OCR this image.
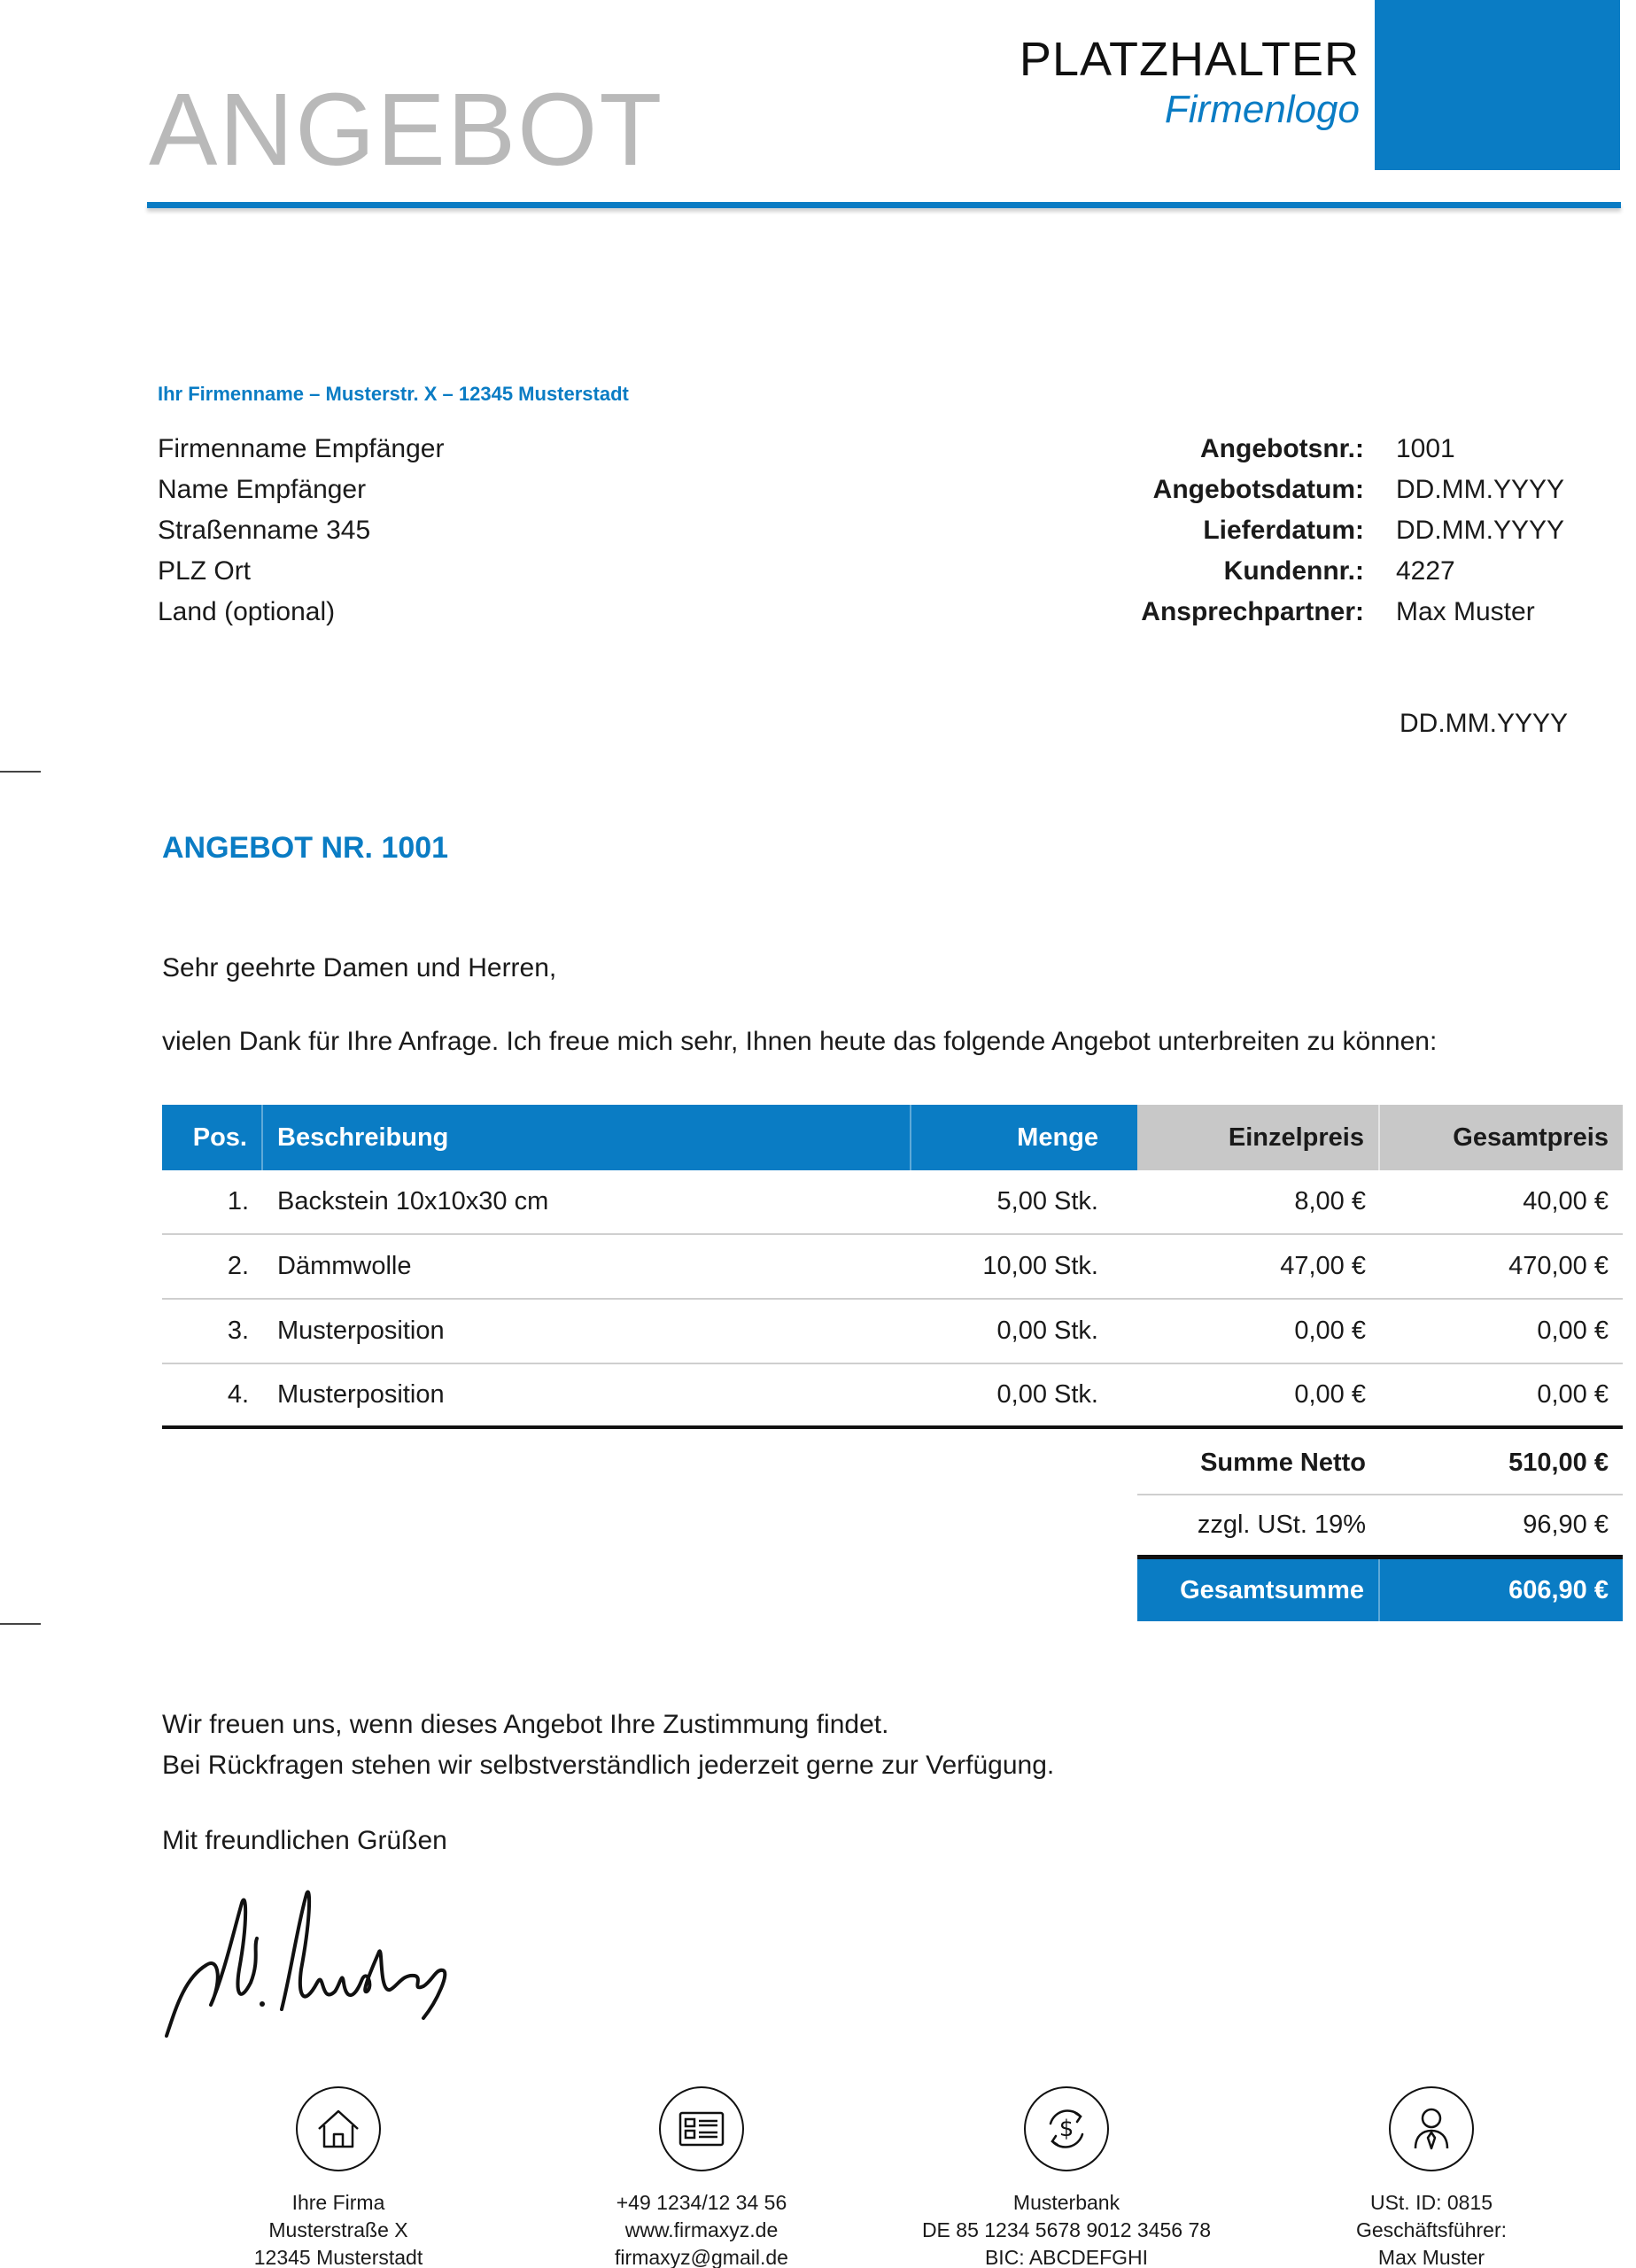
ANGEBOT
PLATZHALTER
Firmenlogo
Ihr Firmenname – Musterstr. X – 12345 Musterstadt
Firmenname Empfänger
Name Empfänger
Straßenname 345
PLZ Ort
Land (optional)
Angebotsnr.:	1001
Angebotsdatum:	DD.MM.YYYY
Lieferdatum:	DD.MM.YYYY
Kundennr.:	4227
Ansprechpartner:	Max Muster
DD.MM.YYYY
ANGEBOT NR. 1001
Sehr geehrte Damen und Herren,
vielen Dank für Ihre Anfrage. Ich freue mich sehr, Ihnen heute das folgende Angebot unterbreiten zu können:
Pos.	Beschreibung	Menge	Einzelpreis	Gesamtpreis
1.	Backstein 10x10x30 cm	5,00 Stk.	8,00 €	40,00 €
2.	Dämmwolle	10,00 Stk.	47,00 €	470,00 €
3.	Musterposition	0,00 Stk.	0,00 €	0,00 €
4.	Musterposition	0,00 Stk.	0,00 €	0,00 €
Summe Netto	510,00 €
zzgl. USt. 19%	96,90 €
Gesamtsumme	606,90 €
Wir freuen uns, wenn dieses Angebot Ihre Zustimmung findet.
Bei Rückfragen stehen wir selbstverständlich jederzeit gerne zur Verfügung.
Mit freundlichen Grüßen
Ihre Firma
Musterstraße X
12345 Musterstadt
+49 1234/12 34 56
www.firmaxyz.de
firmaxyz@gmail.de
$
Musterbank
DE 85 1234 5678 9012 3456 78
BIC: ABCDEFGHI
USt. ID: 0815
Geschäftsführer:
Max Muster
